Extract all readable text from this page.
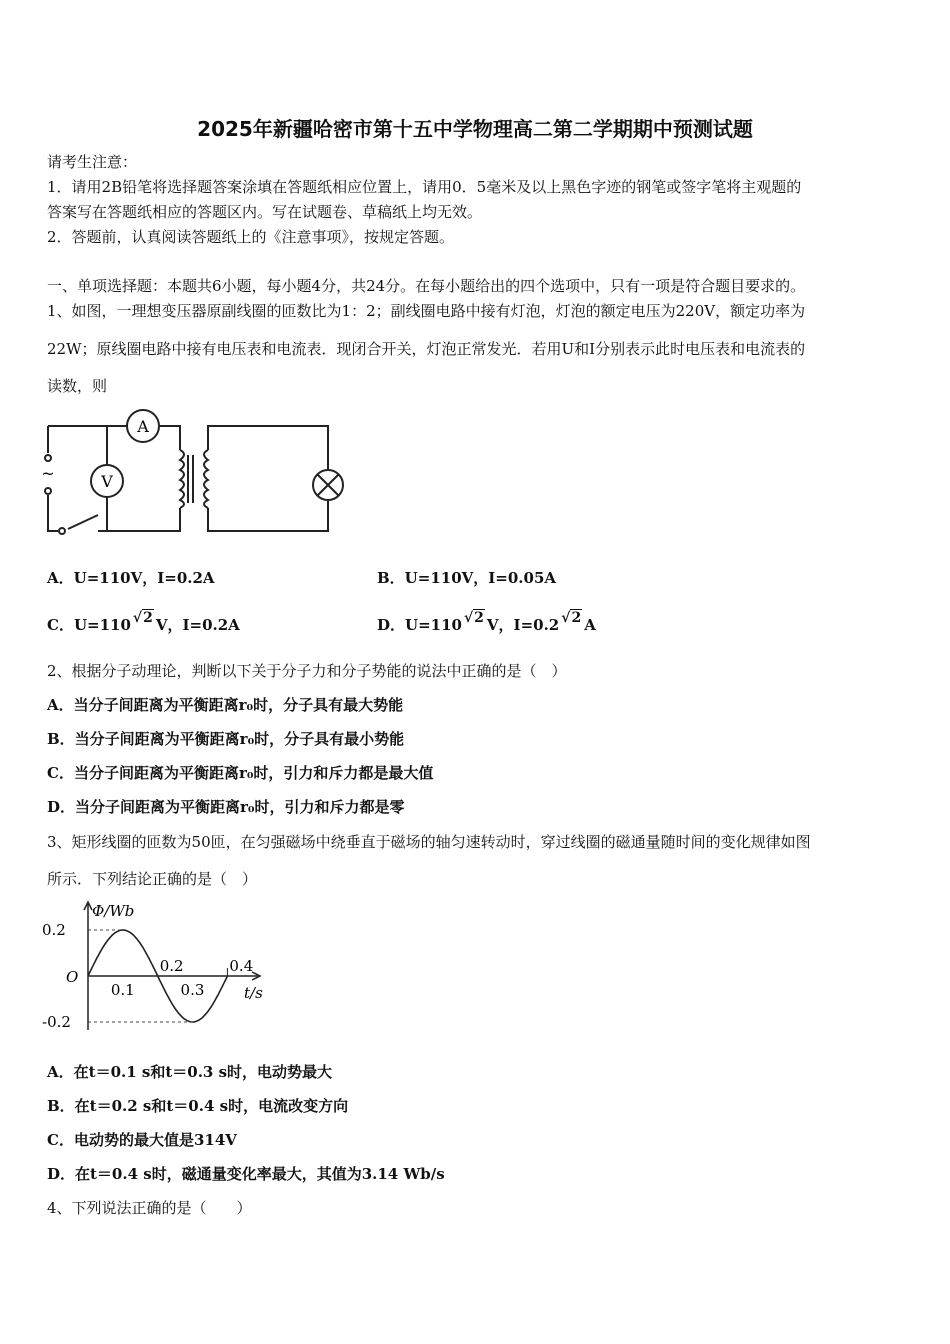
2025年新疆哈密市第十五中学物理高二第二学期期中预测试题
请考生注意：
1．请用2B铅笔将选择题答案涂填在答题纸相应位置上，请用0．5毫米及以上黑色字迹的钢笔或签字笔将主观题的
答案写在答题纸相应的答题区内。写在试题卷、草稿纸上均无效。
2．答题前，认真阅读答题纸上的《注意事项》，按规定答题。
一、单项选择题：本题共6小题，每小题4分，共24分。在每小题给出的四个选项中，只有一项是符合题目要求的。
1、如图，一理想变压器原副线圈的匝数比为1：2；副线圈电路中接有灯泡，灯泡的额定电压为220V，额定功率为
22W；原线圈电路中接有电压表和电流表．现闭合开关，灯泡正常发光．若用U和I分别表示此时电压表和电流表的
读数，则
~
A
V
A．U=110V，I=0.2A	B．U=110V，I=0.05A
C．U=110 √2 V，I=0.2A	D．U=110 √2 V，I=0.2 √2 A
2、根据分子动理论，判断以下关于分子力和分子势能的说法中正确的是（　）
A．当分子间距离为平衡距离r₀时，分子具有最大势能
B．当分子间距离为平衡距离r₀时，分子具有最小势能
C．当分子间距离为平衡距离r₀时，引力和斥力都是最大值
D．当分子间距离为平衡距离r₀时，引力和斥力都是零
3、矩形线圈的匝数为50匝，在匀强磁场中绕垂直于磁场的轴匀速转动时，穿过线圈的磁通量随时间的变化规律如图
所示．下列结论正确的是（　）
Φ/Wb
t/s
O
0.2
-0.2
0.1	0.3
0.2	0.4
A．在t＝0.1 s和t＝0.3 s时，电动势最大
B．在t＝0.2 s和t＝0.4 s时，电流改变方向
C．电动势的最大值是314V
D．在t＝0.4 s时，磁通量变化率最大，其值为3.14 Wb/s
4、下列说法正确的是（　　）
